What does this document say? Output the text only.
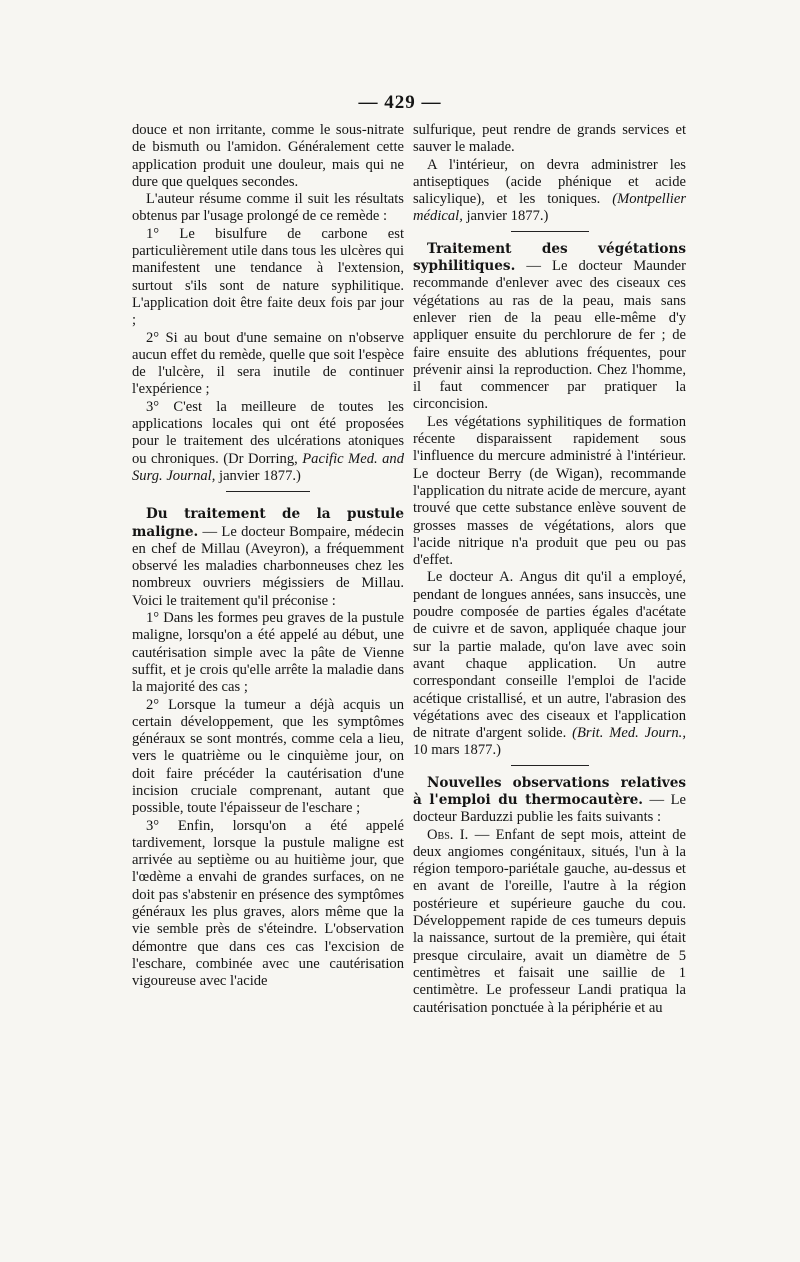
— 429 —

douce et non irritante, comme le sous-nitrate de bismuth ou l'amidon. Généralement cette application produit une douleur, mais qui ne dure que quelques secondes.

L'auteur résume comme il suit les résultats obtenus par l'usage prolongé de ce remède :

1° Le bisulfure de carbone est particulièrement utile dans tous les ulcères qui manifestent une tendance à l'extension, surtout s'ils sont de nature syphilitique. L'application doit être faite deux fois par jour ;

2° Si au bout d'une semaine on n'observe aucun effet du remède, quelle que soit l'espèce de l'ulcère, il sera inutile de continuer l'expérience ;

3° C'est la meilleure de toutes les applications locales qui ont été proposées pour le traitement des ulcérations atoniques ou chroniques. (Dr Dorring, Pacific Med. and Surg. Journal, janvier 1877.)

Du traitement de la pustule maligne. — Le docteur Bompaire, médecin en chef de Millau (Aveyron), a fréquemment observé les maladies charbonneuses chez les nombreux ouvriers mégissiers de Millau. Voici le traitement qu'il préconise :

1° Dans les formes peu graves de la pustule maligne, lorsqu'on a été appelé au début, une cautérisation simple avec la pâte de Vienne suffit, et je crois qu'elle arrête la maladie dans la majorité des cas ;

2° Lorsque la tumeur a déjà acquis un certain développement, que les symptômes généraux se sont montrés, comme cela a lieu, vers le quatrième ou le cinquième jour, on doit faire précéder la cautérisation d'une incision cruciale comprenant, autant que possible, toute l'épaisseur de l'eschare ;

3° Enfin, lorsqu'on a été appelé tardivement, lorsque la pustule maligne est arrivée au septième ou au huitième jour, que l'œdème a envahi de grandes surfaces, on ne doit pas s'abstenir en présence des symptômes généraux les plus graves, alors même que la vie semble près de s'éteindre. L'observation démontre que dans ces cas l'excision de l'eschare, combinée avec une cautérisation vigoureuse avec l'acide

sulfurique, peut rendre de grands services et sauver le malade.

A l'intérieur, on devra administrer les antiseptiques (acide phénique et acide salicylique), et les toniques. (Montpellier médical, janvier 1877.)

Traitement des végétations syphilitiques. — Le docteur Maunder recommande d'enlever avec des ciseaux ces végétations au ras de la peau, mais sans enlever rien de la peau elle-même d'y appliquer ensuite du perchlorure de fer ; de faire ensuite des ablutions fréquentes, pour prévenir ainsi la reproduction. Chez l'homme, il faut commencer par pratiquer la circoncision.

Les végétations syphilitiques de formation récente disparaissent rapidement sous l'influence du mercure administré à l'intérieur. Le docteur Berry (de Wigan), recommande l'application du nitrate acide de mercure, ayant trouvé que cette substance enlève souvent de grosses masses de végétations, alors que l'acide nitrique n'a produit que peu ou pas d'effet.

Le docteur A. Angus dit qu'il a employé, pendant de longues années, sans insuccès, une poudre composée de parties égales d'acétate de cuivre et de savon, appliquée chaque jour sur la partie malade, qu'on lave avec soin avant chaque application. Un autre correspondant conseille l'emploi de l'acide acétique cristallisé, et un autre, l'abrasion des végétations avec des ciseaux et l'application de nitrate d'argent solide. (Brit. Med. Journ., 10 mars 1877.)

Nouvelles observations relatives à l'emploi du thermocautère. — Le docteur Barduzzi publie les faits suivants :

Obs. I. — Enfant de sept mois, atteint de deux angiomes congénitaux, situés, l'un à la région temporo-pariétale gauche, au-dessus et en avant de l'oreille, l'autre à la région postérieure et supérieure gauche du cou. Développement rapide de ces tumeurs depuis la naissance, surtout de la première, qui était presque circulaire, avait un diamètre de 5 centimètres et faisait une saillie de 1 centimètre. Le professeur Landi pratiqua la cautérisation ponctuée à la périphérie et au
